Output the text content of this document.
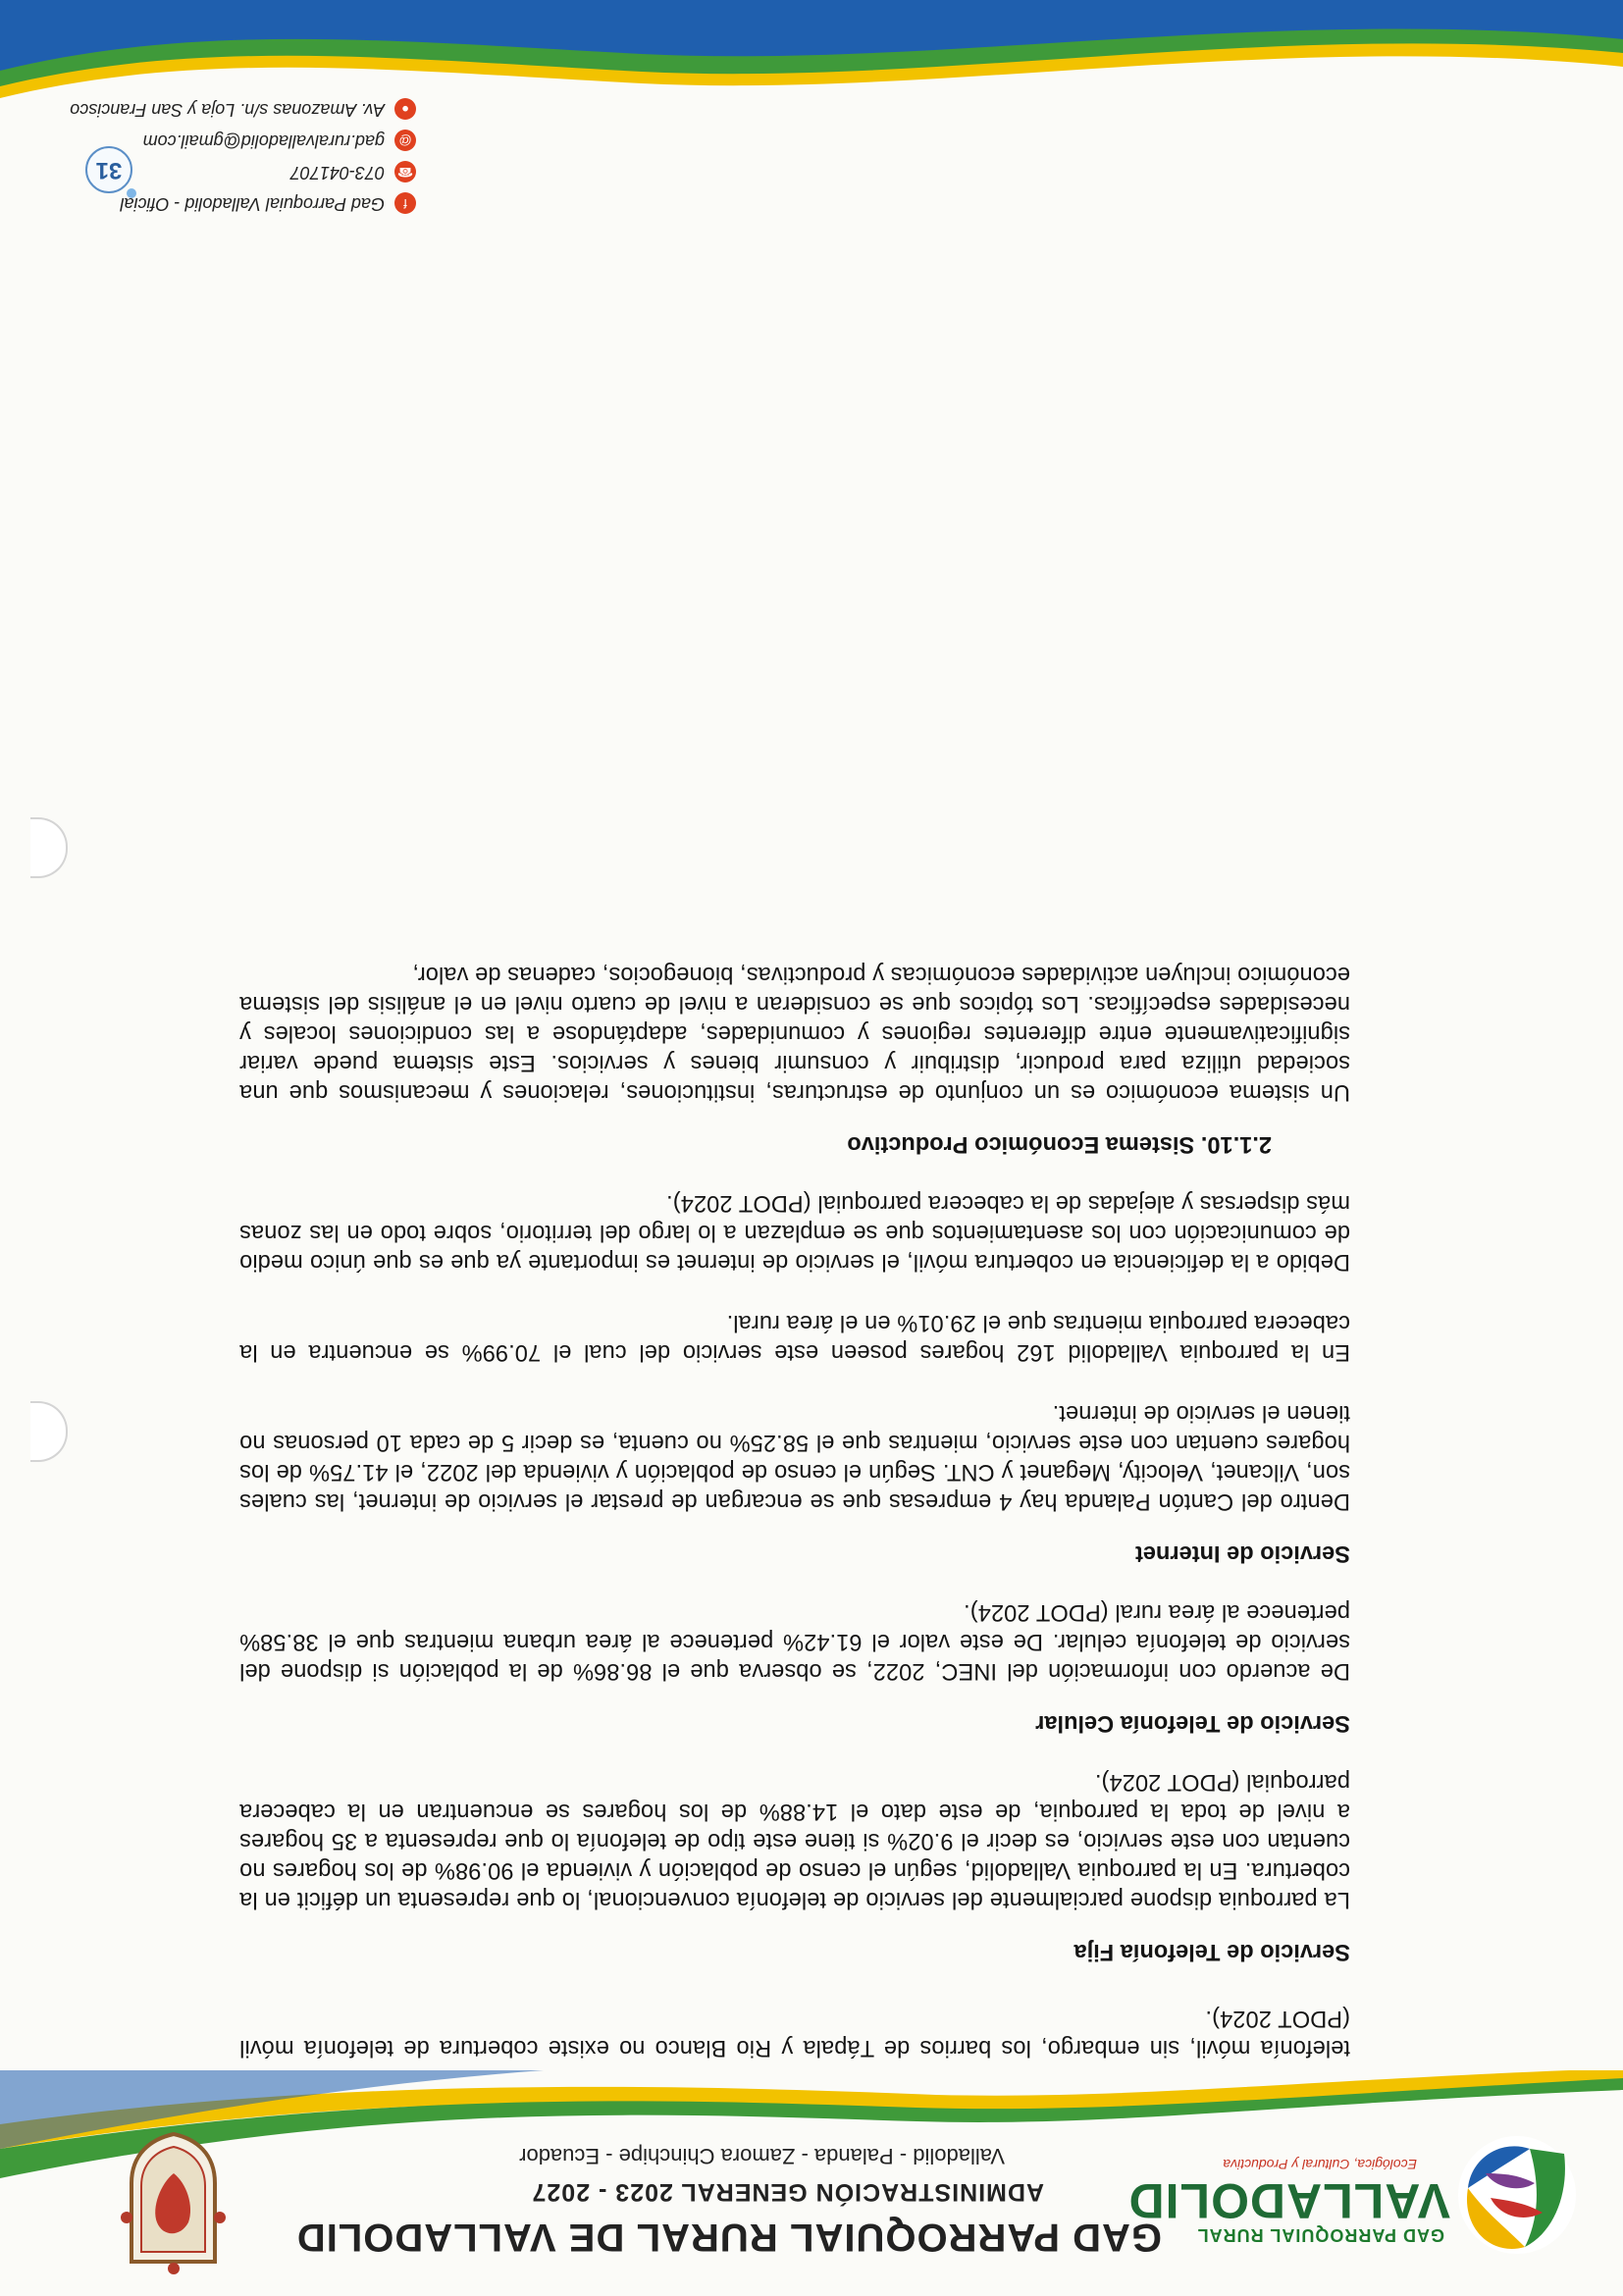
GAD PARROQUIAL RURAL
VALLADOLID
Ecológica, Cultural y Productiva
GAD PARROQUIAL RURAL DE VALLADOLID
ADMINISTRACIÓN GENERAL 2023 - 2027
Valladolid - Palanda - Zamora Chinchipe - Ecuador

telefonía móvil, sin embargo, los barrios de Tápala y Rio Blanco no existe cobertura de telefonía móvil (PDOT 2024).

Servicio de Telefonía Fija

La parroquia dispone parcialmente del servicio de telefonía convencional, lo que representa un déficit en la cobertura. En la parroquia Valladolid, según el censo de población y vivienda el 90.98% de los hogares no cuentan con este servicio, es decir el 9.02% si tiene este tipo de telefonía lo que representa a 35 hogares a nivel de toda la parroquia, de este dato el 14.88% de los hogares se encuentran en la cabecera parroquial (PDOT 2024).

Servicio de Telefonía Celular

De acuerdo con información del INEC, 2022, se observa que el 86.86% de la población si dispone del servicio de telefonía celular. De este valor el 61.42% pertenece al área urbana mientras que el 38.58% pertenece al área rural (PDOT 2024).

Servicio de Internet

Dentro del Cantón Palanda hay 4 empresas que se encargan de prestar el servicio de internet, las cuales son, Vilcanet, Velocity, Meganet y CNT. Según el censo de población y vivienda del 2022, el 41.75% de los hogares cuentan con este servicio, mientras que el 58.25% no cuenta, es decir 5 de cada 10 personas no tienen el servicio de internet.

En la parroquia Valladolid 162 hogares poseen este servicio del cual el 70.99% se encuentra en la cabecera parroquia mientras que el 29.01% en el área rural.

Debido a la deficiencia en cobertura móvil, el servicio de internet es importante ya que es que único medio de comunicación con los asentamientos que se emplazan a lo largo del territorio, sobre todo en las zonas más dispersas y alejadas de la cabecera parroquial (PDOT 2024).

2.1.10. Sistema Económico Productivo

Un sistema económico es un conjunto de estructuras, instituciones, relaciones y mecanismos que una sociedad utiliza para producir, distribuir y consumir bienes y servicios. Este sistema puede variar significativamente entre diferentes regiones y comunidades, adaptándose a las condiciones locales y necesidades específicas. Los tópicos que se consideran a nivel de cuarto nivel en el análisis del sistema económico incluyen actividades económicas y productivas, bionegocios, cadenas de valor,

31
fGad Parroquial Valladolid - Oficial
☎073-041707
@gad.ruralvalladolid@gmail.com
●Av. Amazonas s/n. Loja y San Francisco
